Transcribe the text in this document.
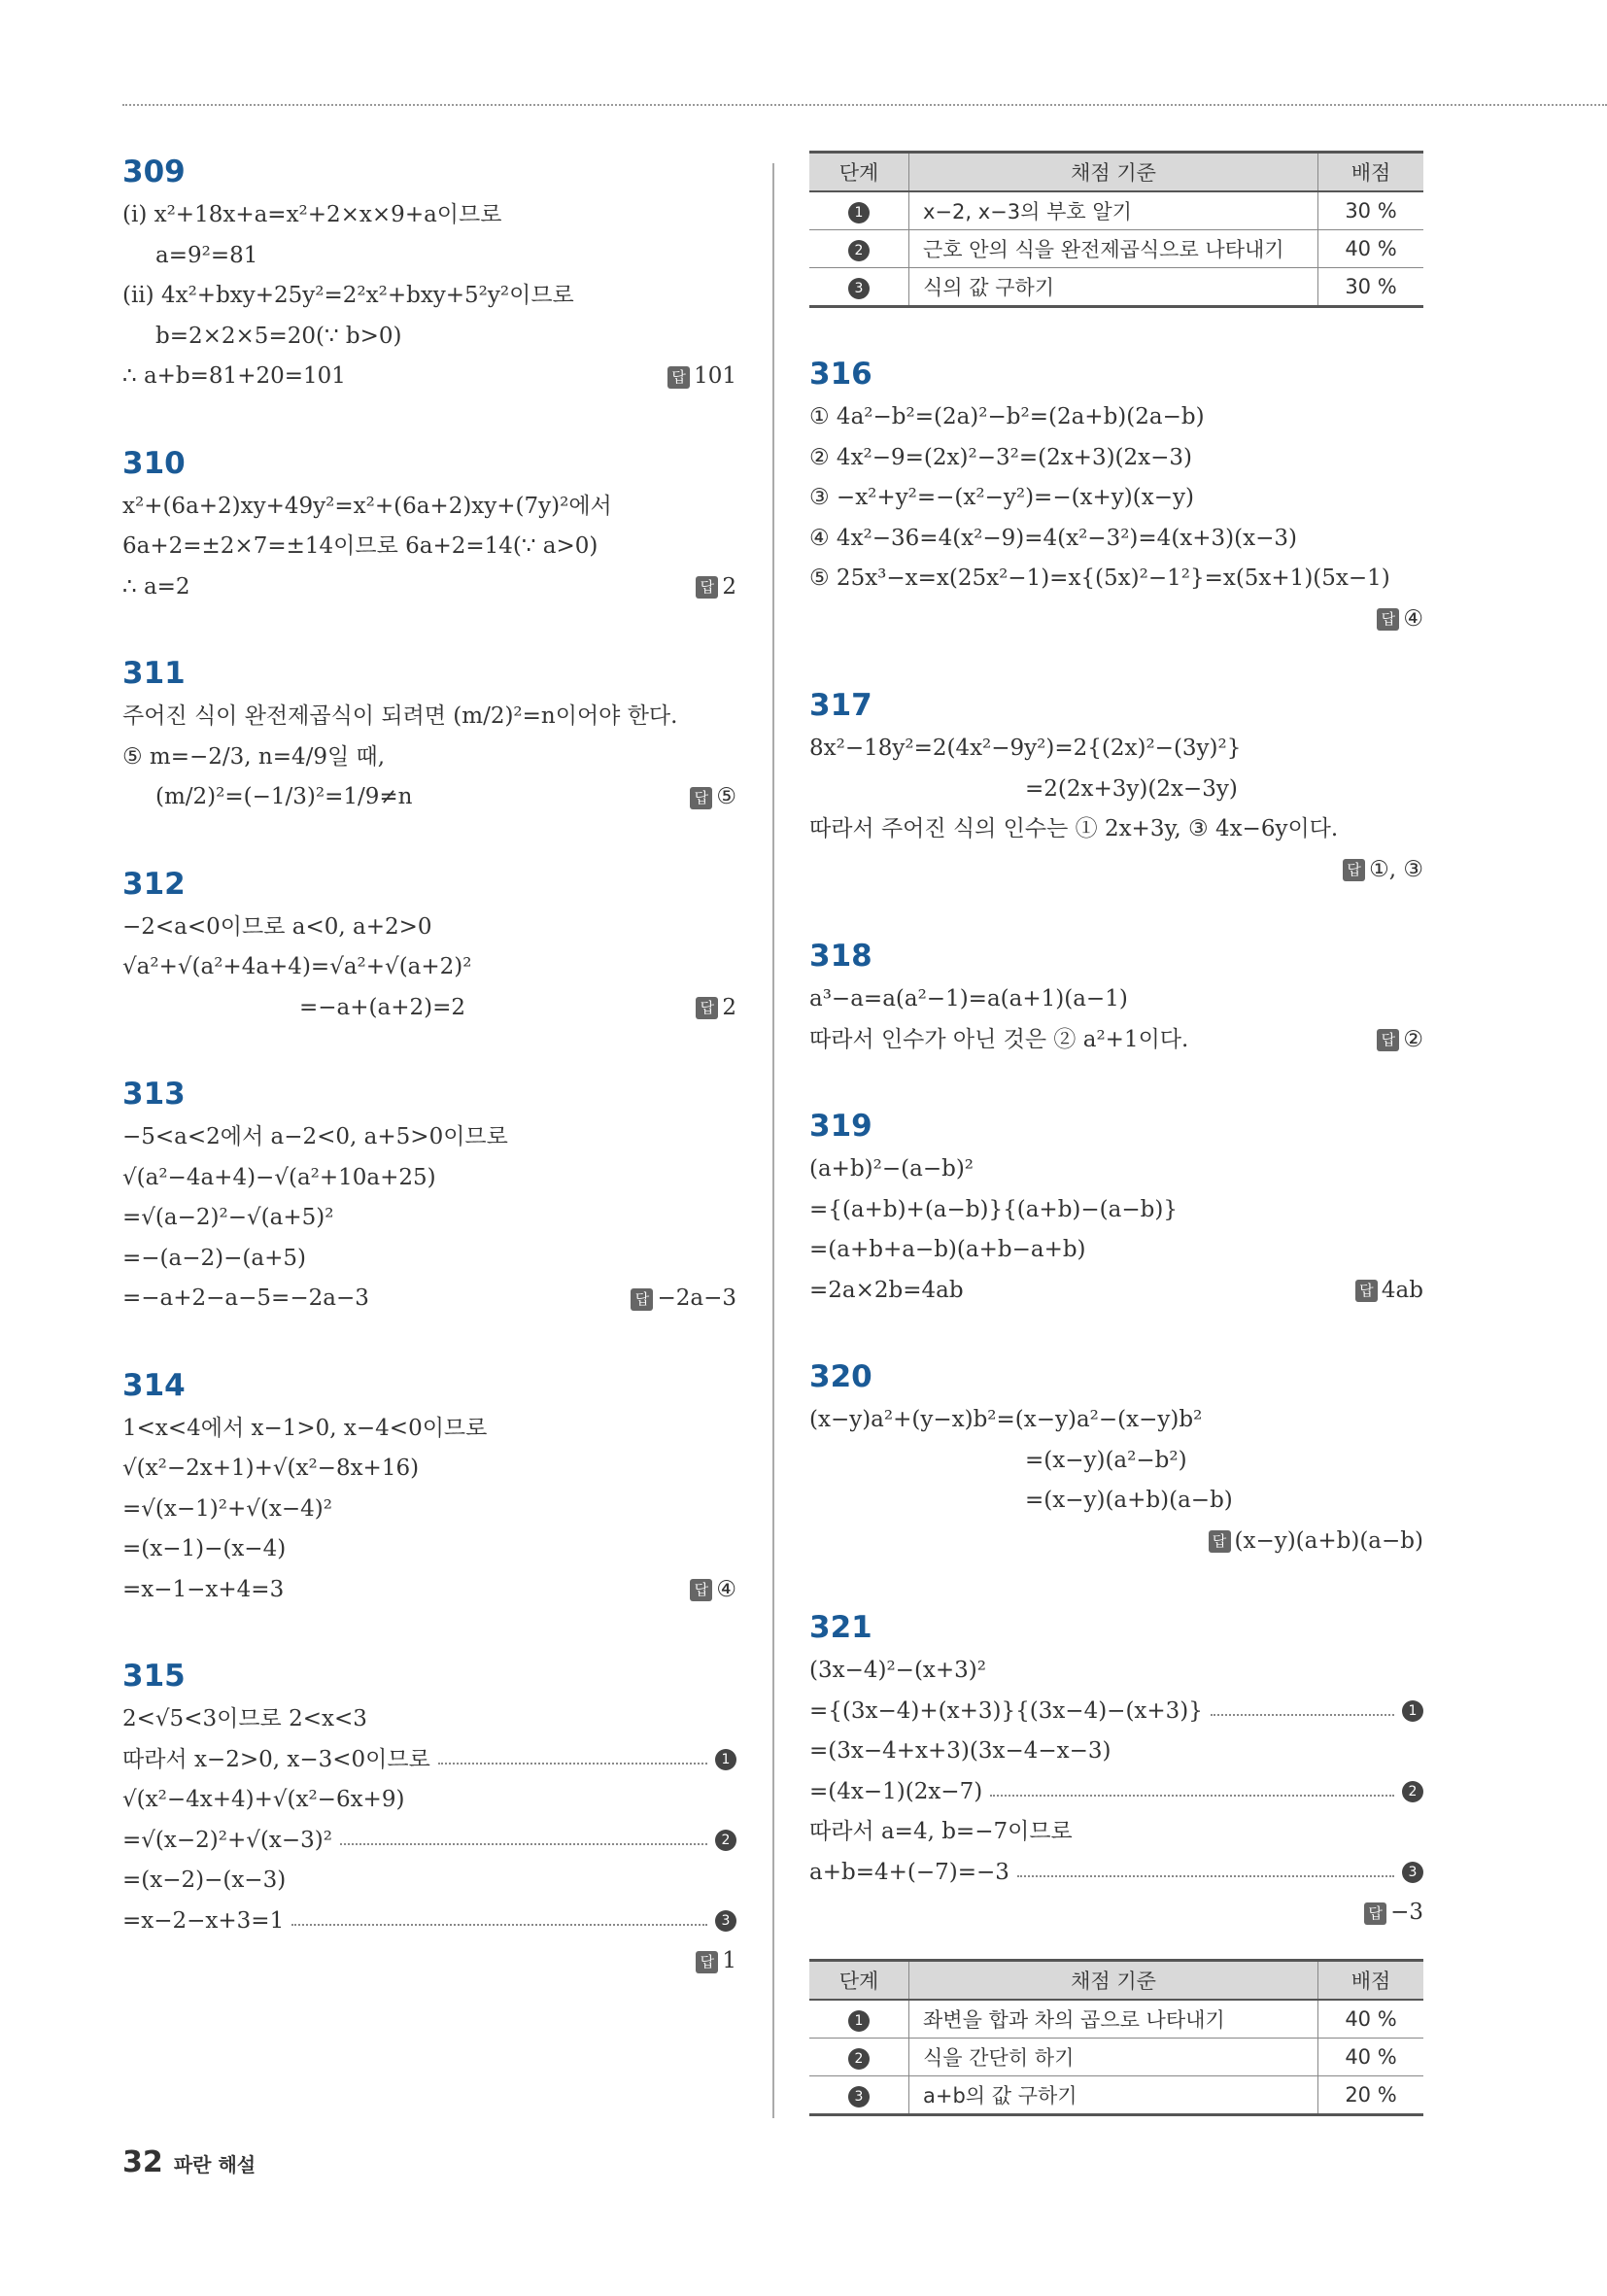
309
(ⅰ) x²+18x+a=x²+2×x×9+a이므로
a=9²=81
(ⅱ) 4x²+bxy+25y²=2²x²+bxy+5²y²이므로
b=2×2×5=20(∵ b>0)
∴ a+b=81+20=101	답 101
310
x²+(6a+2)xy+49y²=x²+(6a+2)xy+(7y)²에서
6a+2=±2×7=±14이므로 6a+2=14(∵ a>0)
∴ a=2	답 2
311
주어진 식이 완전제곱식이 되려면 (m/2)²=n이어야 한다.
⑤ m=−2/3, n=4/9일 때,
(m/2)²=(−1/3)²=1/9≠n	답 ⑤
312
−2<a<0이므로 a<0, a+2>0
√a²+√(a²+4a+4)=√a²+√(a+2)²
=−a+(a+2)=2	답 2
313
−5<a<2에서 a−2<0, a+5>0이므로
√(a²−4a+4)−√(a²+10a+25)
=√(a−2)²−√(a+5)²
=−(a−2)−(a+5)
=−a+2−a−5=−2a−3	답 −2a−3
314
1<x<4에서 x−1>0, x−4<0이므로
√(x²−2x+1)+√(x²−8x+16)
=√(x−1)²+√(x−4)²
=(x−1)−(x−4)
=x−1−x+4=3	답 ④
315
2<√5<3이므로 2<x<3
따라서 x−2>0, x−3<0이므로	1
√(x²−4x+4)+√(x²−6x+9)
=√(x−2)²+√(x−3)²	2
=(x−2)−(x−3)
=x−2−x+3=1	3
답 1
단계	채점 기준	배점
1	x−2, x−3의 부호 알기	30 %
2	근호 안의 식을 완전제곱식으로 나타내기	40 %
3	식의 값 구하기	30 %
316
① 4a²−b²=(2a)²−b²=(2a+b)(2a−b)
② 4x²−9=(2x)²−3²=(2x+3)(2x−3)
③ −x²+y²=−(x²−y²)=−(x+y)(x−y)
④ 4x²−36=4(x²−9)=4(x²−3²)=4(x+3)(x−3)
⑤ 25x³−x=x(25x²−1)=x{(5x)²−1²}=x(5x+1)(5x−1)
답 ④
317
8x²−18y²=2(4x²−9y²)=2{(2x)²−(3y)²}
=2(2x+3y)(2x−3y)
따라서 주어진 식의 인수는 ① 2x+3y, ③ 4x−6y이다.
답 ①, ③
318
a³−a=a(a²−1)=a(a+1)(a−1)
따라서 인수가 아닌 것은 ② a²+1이다.	답 ②
319
(a+b)²−(a−b)²
={(a+b)+(a−b)}{(a+b)−(a−b)}
=(a+b+a−b)(a+b−a+b)
=2a×2b=4ab	답 4ab
320
(x−y)a²+(y−x)b²=(x−y)a²−(x−y)b²
=(x−y)(a²−b²)
=(x−y)(a+b)(a−b)
답 (x−y)(a+b)(a−b)
321
(3x−4)²−(x+3)²
={(3x−4)+(x+3)}{(3x−4)−(x+3)}	1
=(3x−4+x+3)(3x−4−x−3)
=(4x−1)(2x−7)	2
따라서 a=4, b=−7이므로
a+b=4+(−7)=−3	3
답 −3
단계	채점 기준	배점
1	좌변을 합과 차의 곱으로 나타내기	40 %
2	식을 간단히 하기	40 %
3	a+b의 값 구하기	20 %
32 파란 해설
